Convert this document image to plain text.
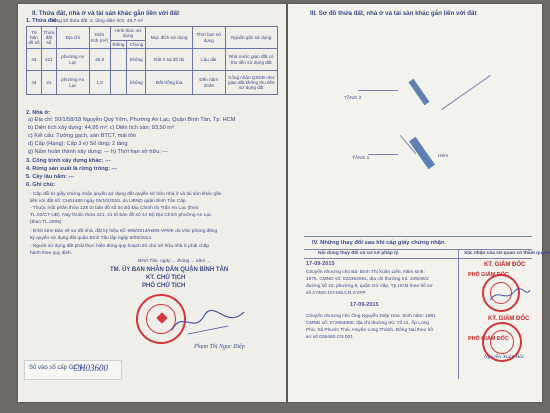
II. Thửa đất, nhà ở và tài sản khác gắn liền với đất
1. Thửa đất:
- Tổng số thửa đất: 2, tổng diện tích: 48,7 m²
Tờ bản đồ số	Thửa đất số	Địa chỉ	Diện tích (m²)	Hình thức sử dụng		Mục đích sử dụng	Thời hạn sử dụng	Nguồn gốc sử dụng
				Riêng	Chung			
44	421	phường An Lạc	46,9		không	Đất ở tại đô thị	Lâu dài	Nhà nước giao đất có thu tiền sử dụng đất
44	21	phường An Lạc	1,8		không	Đất trồng lúa	Đến năm 2026	Công nhận QSDĐ như giao đất không thu tiền sử dụng đất
2. Nhà ở:
a) Địa chỉ: 50/1/58/18 Nguyễn Quý Yêm, Phường An Lạc, Quận Bình Tân, Tp. HCM
b) Diện tích xây dựng: 44,95 m²; c) Diện tích sàn: 93,50 m²
c) Kết cấu: Tường gạch, sàn BTCT, mái tôn
d) Cấp (Hạng): Cấp 3 e) Số tầng: 2 tầng
g) Năm hoàn thành xây dựng: --- h) Thời hạn sở hữu: ---
3. Công trình xây dựng khác: ---
4. Rừng sản xuất là rừng trồng: ---
5. Cây lâu năm: ---
6. Ghi chú:
- Cấp đổi từ giấy chứng nhận quyền sử dụng đất quyền sở hữu nhà ở và tài sản khác gắn
liền với đất số: CH01480 ngày 05/10/2010, do UBND quận Bình Tân Cấp.
- Thuộc một phần thửa 128 tờ bản đồ số 04 Bộ Địa Chính thị Trấn An Lạc (theo
TL.02/CT-UB). Nay thuộc thửa 421, 21 tờ bản đồ số 44 Bộ Địa Chính phường An Lạc
(theo TL.2005).
- Đính kèm Bản vẽ sơ đồ nhà, đất ký hiệu số: 999/2014/HĐN-VPĐK do Văn phòng đăng
ký quyền sử dụng đất quận Bình Tân lập ngày 9/06/2014.
- Người sử dụng đất phải thực hiện đúng quy hoạch thì chủ sở hữu nhà ở phải chấp
hành theo quy định.
Bình Tân, ngày ... tháng ... năm ...
TM. ỦY BAN NHÂN DÂN QUẬN BÌNH TÂN
KT. CHỦ TỊCH
PHÓ CHỦ TỊCH
Phạm Thị Ngọc Diệp
Số vào sổ cấp GCN:
CH03600
III. Sơ đồ thửa đất, nhà ở và tài sản khác gắn liền với đất
TẦNG 2
TẦNG 1	Hẻm
IV. Những thay đổi sau khi cấp giấy chứng nhận
Nội dung thay đổi và cơ sở pháp lý	Xác nhận của cơ quan có thẩm quyền
17-09-2015
Chuyển nhượng cho Bà: Đinh Thị Xuân Liên, Năm sinh:
1975, CMND số: 024364064, địa chỉ thường trú: 439/46/2
đường số 10, phường 8, quận Gò Vấp, Tp.HCM theo hồ sơ
số 27460.107446.CN.CVPP
17-09-2015
Chuyển nhượng cho Ông Nguyễn Diệp Hòa. Sinh năm: 1991
CMND số: 272064060, địa chỉ thường trú: Tổ 11, Ấp Long
Phú, Xã Phước Thái, Huyện Long Thành, Đồng Nai theo hồ
sơ số 036460.CN.001
KT. GIÁM ĐỐC
PHÓ GIÁM ĐỐC
KT. GIÁM ĐỐC
PHÓ GIÁM ĐỐC
Nguyễn Xuân Bắc
